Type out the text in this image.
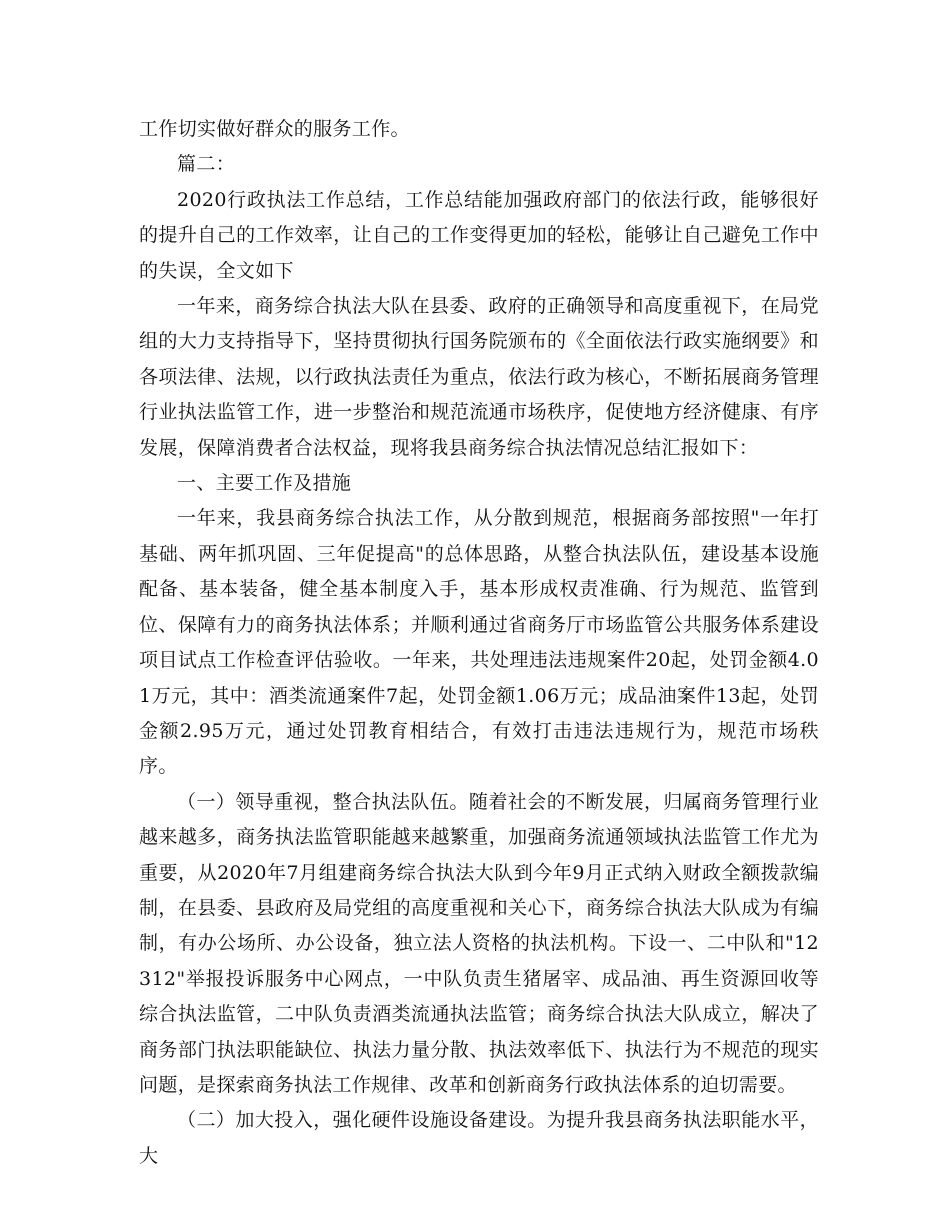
工作切实做好群众的服务工作。

篇二：

2020行政执法工作总结，工作总结能加强政府部门的依法行政，能够很好的提升自己的工作效率，让自己的工作变得更加的轻松，能够让自己避免工作中的失误，全文如下

一年来，商务综合执法大队在县委、政府的正确领导和高度重视下，在局党组的大力支持指导下，坚持贯彻执行国务院颁布的《全面依法行政实施纲要》和各项法律、法规，以行政执法责任为重点，依法行政为核心，不断拓展商务管理行业执法监管工作，进一步整治和规范流通市场秩序，促使地方经济健康、有序发展，保障消费者合法权益，现将我县商务综合执法情况总结汇报如下：

一、主要工作及措施

一年来，我县商务综合执法工作，从分散到规范，根据商务部按照"一年打基础、两年抓巩固、三年促提高"的总体思路，从整合执法队伍，建设基本设施配备、基本装备，健全基本制度入手，基本形成权责准确、行为规范、监管到位、保障有力的商务执法体系；并顺利通过省商务厅市场监管公共服务体系建设项目试点工作检查评估验收。一年来，共处理违法违规案件20起，处罚金额4.01万元，其中：酒类流通案件7起，处罚金额1.06万元；成品油案件13起，处罚金额2.95万元，通过处罚教育相结合，有效打击违法违规行为，规范市场秩序。

（一）领导重视，整合执法队伍。随着社会的不断发展，归属商务管理行业越来越多，商务执法监管职能越来越繁重，加强商务流通领域执法监管工作尤为重要，从2020年7月组建商务综合执法大队到今年9月正式纳入财政全额拨款编制，在县委、县政府及局党组的高度重视和关心下，商务综合执法大队成为有编制，有办公场所、办公设备，独立法人资格的执法机构。下设一、二中队和"12312"举报投诉服务中心网点，一中队负责生猪屠宰、成品油、再生资源回收等综合执法监管，二中队负责酒类流通执法监管；商务综合执法大队成立，解决了商务部门执法职能缺位、执法力量分散、执法效率低下、执法行为不规范的现实问题，是探索商务执法工作规律、改革和创新商务行政执法体系的迫切需要。

（二）加大投入，强化硬件设施设备建设。为提升我县商务执法职能水平，大
